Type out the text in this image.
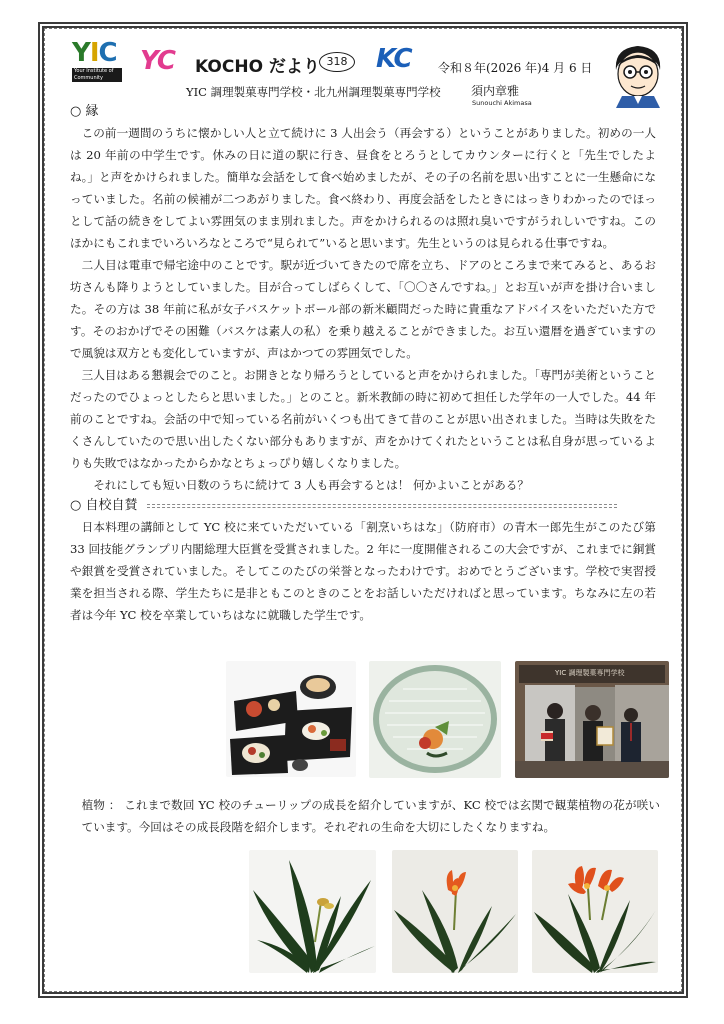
YIC
Your Institute of Community Education
YC KOCHO だより 318 KC 令和８年(2026 年)4 月 6 日
YIC 調理製菓専門学校・北九州調理製菓専門学校	須内章雅
Sunouchi Akimasa
○ 縁

この前一週間のうちに懐かしい人と立て続けに 3 人出会う（再会する）ということがありました。初めの一人は 20 年前の中学生です。休みの日に道の駅に行き、昼食をとろうとしてカウンターに行くと「先生でしたよね。」と声をかけられました。簡単な会話をして食べ始めましたが、その子の名前を思い出すことに一生懸命になっていました。名前の候補が二つあがりました。食べ終わり、再度会話をしたときにはっきりわかったのでほっとして話の続きをしてよい雰囲気のまま別れました。声をかけられるのは照れ臭いですがうれしいですね。このほかにもこれまでいろいろなところで“見られて”いると思います。先生というのは見られる仕事ですね。

二人目は電車で帰宅途中のことです。駅が近づいてきたので席を立ち、ドアのところまで来てみると、あるお坊さんも降りようとしていました。目が合ってしばらくして、「〇〇さんですね。」とお互いが声を掛け合いました。その方は 38 年前に私が女子バスケットボール部の新米顧問だった時に貴重なアドバイスをいただいた方です。そのおかげでその困難（バスケは素人の私）を乗り越えることができました。お互い還暦を過ぎていますので風貌は双方とも変化していますが、声はかつての雰囲気でした。

三人目はある懇親会でのこと。お開きとなり帰ろうとしていると声をかけられました。「専門が美術ということだったのでひょっとしたらと思いました。」とのこと。新米教師の時に初めて担任した学年の一人でした。44 年前のことですね。会話の中で知っている名前がいくつも出てきて昔のことが思い出されました。当時は失敗をたくさんしていたので思い出したくない部分もありますが、声をかけてくれたということは私自身が思っているよりも失敗ではなかったからかなとちょっぴり嬉しくなりました。

それにしても短い日数のうちに続けて 3 人も再会するとは！ 何かよいことがある？

○ 自校自賛

日本料理の講師として YC 校に来ていただいている「割烹いちはな」（防府市）の青木一郎先生がこのたび第 33 回技能グランプリ内閣総理大臣賞を受賞されました。2 年に一度開催されるこの大会ですが、これまでに銅賞や銀賞を受賞されていました。そしてこのたびの栄誉となったわけです。おめでとうございます。学校で実習授業を担当される際、学生たちに是非ともこのときのことをお話しいただければと思っています。ちなみに左の若者は今年 YC 校を卒業していちはなに就職した学生です。

YIC 調理製菓専門学校

植物 ： これまで数回 YC 校のチューリップの成長を紹介していますが、KC 校では玄関で観葉植物の花が咲いています。今回はその成長段階を紹介します。それぞれの生命を大切にしたくなりますね。
